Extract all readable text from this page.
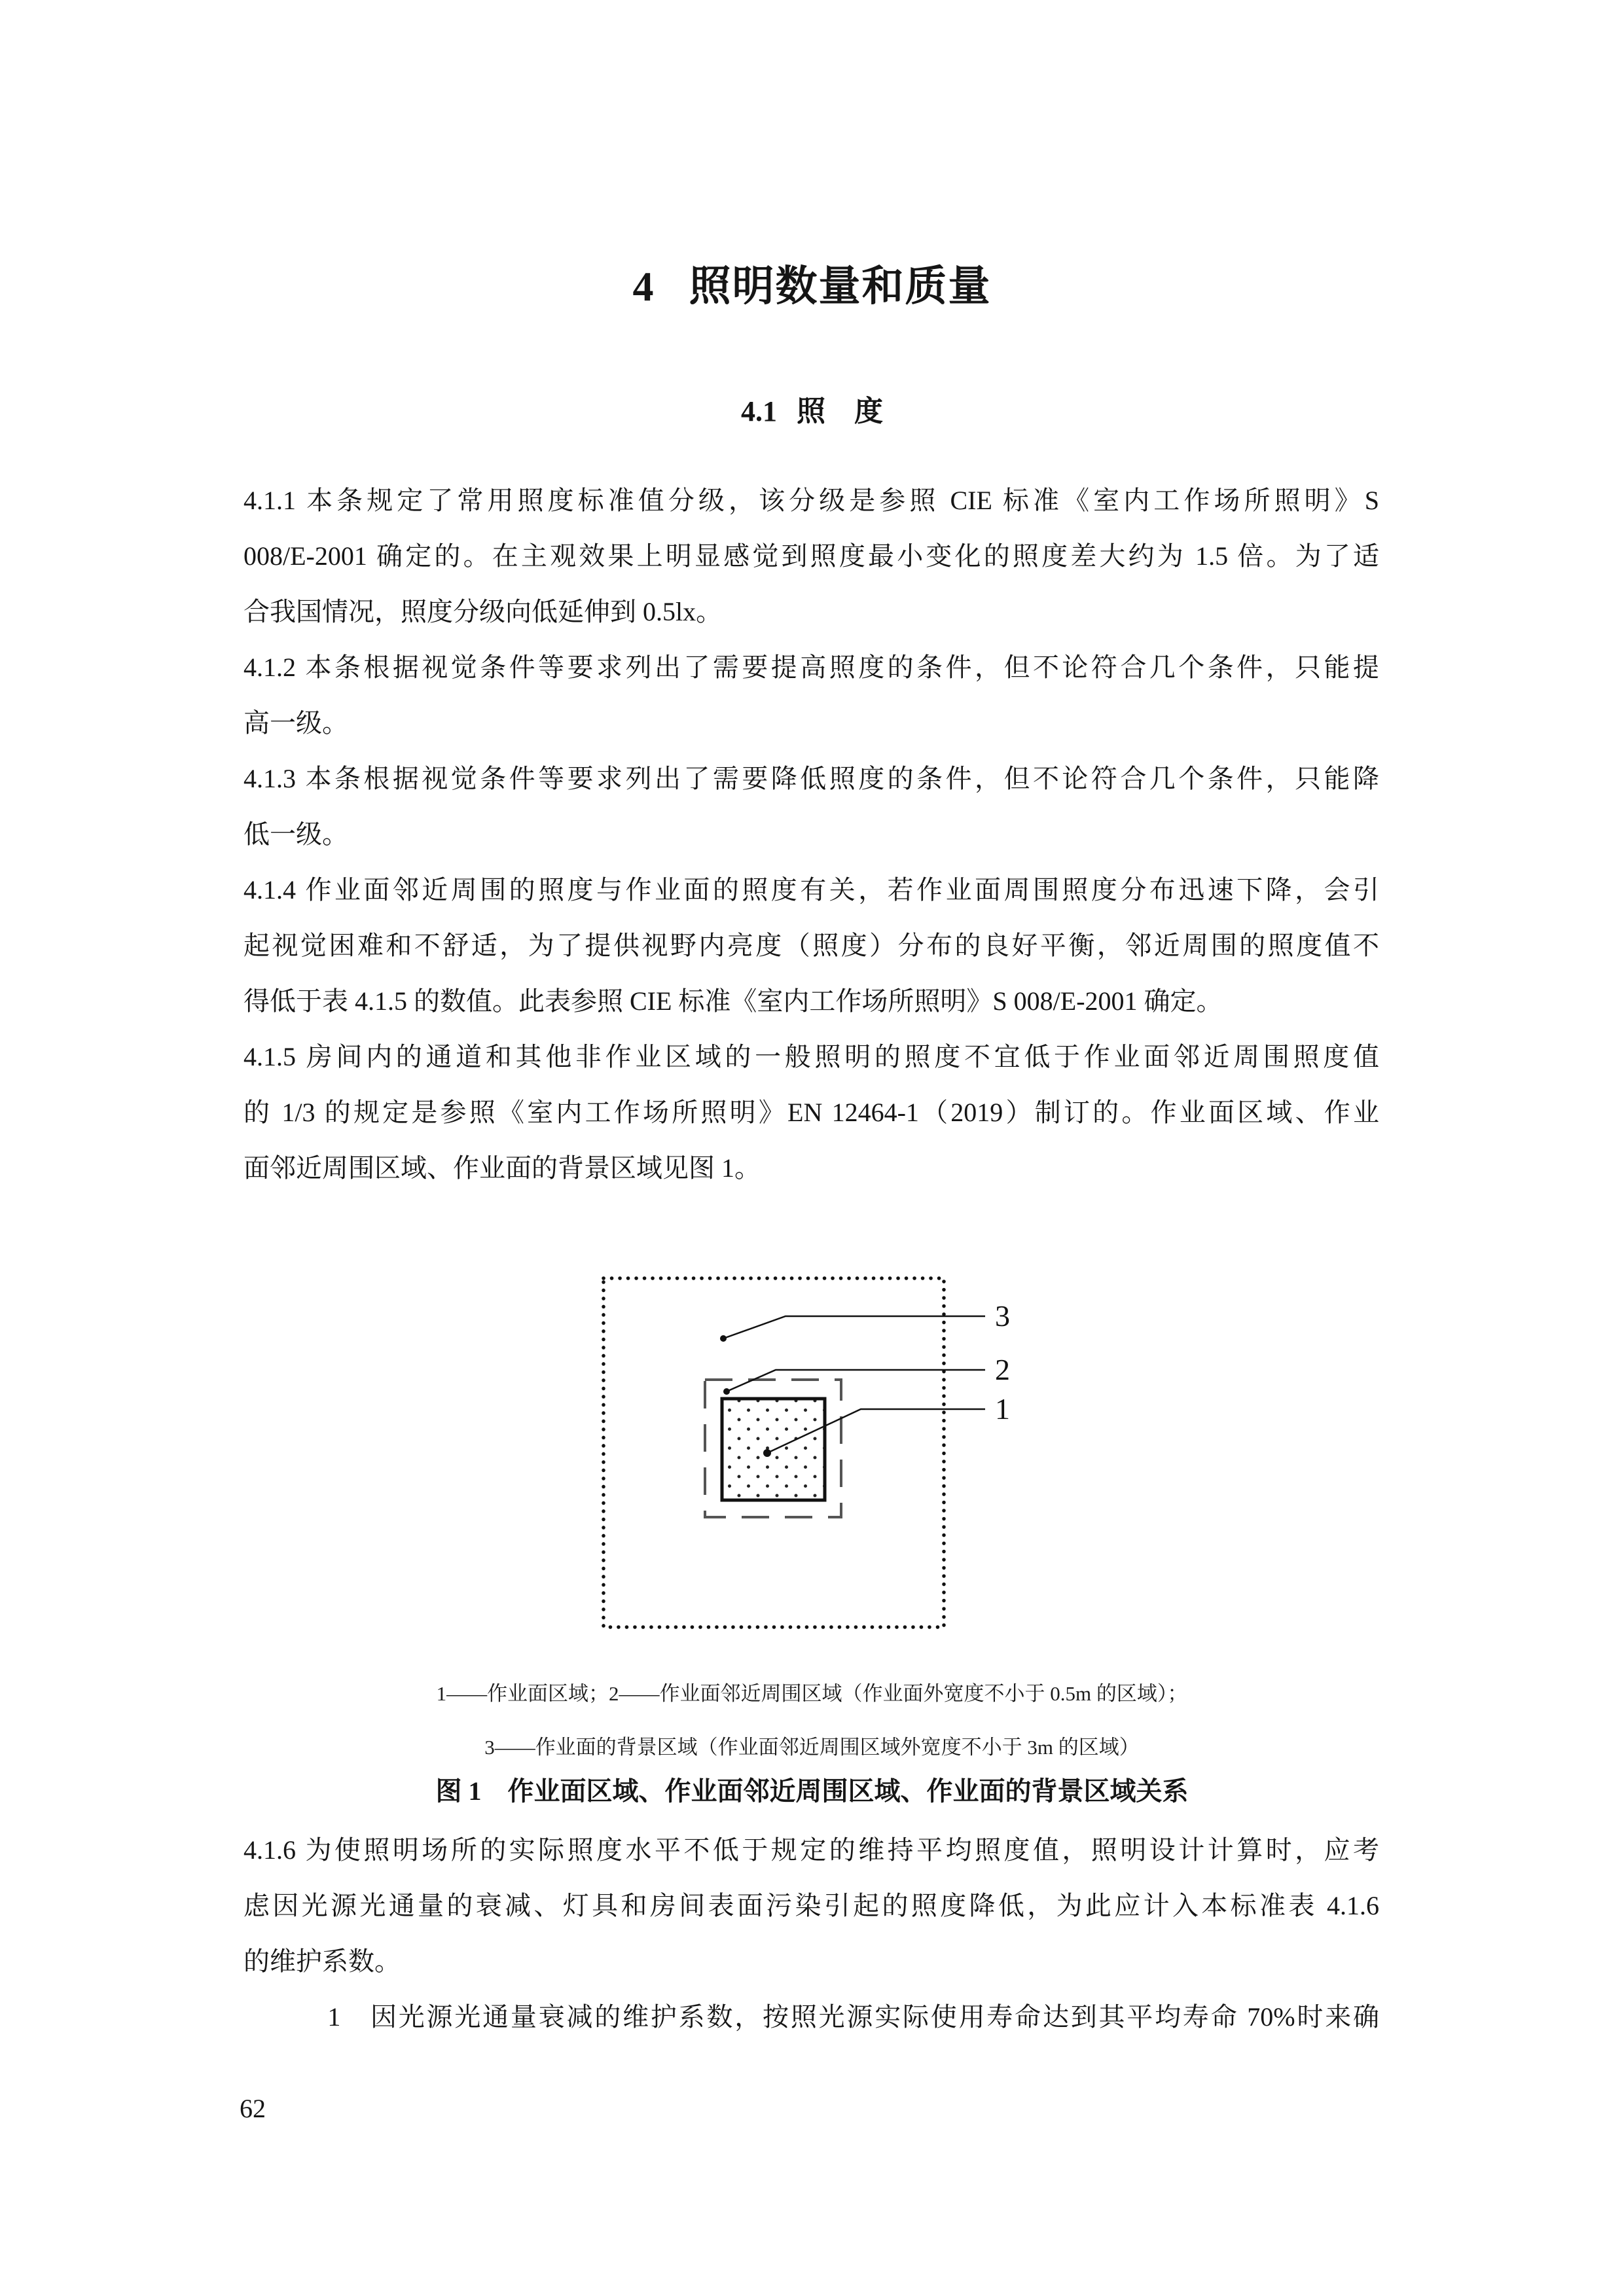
4 照明数量和质量
4.1 照　度
4.1.1 本条规定了常用照度标准值分级，该分级是参照 CIE 标准《室内工作场所照明》S
008/E-2001 确定的。在主观效果上明显感觉到照度最小变化的照度差大约为 1.5 倍。为了适
合我国情况，照度分级向低延伸到 0.5lx。
4.1.2 本条根据视觉条件等要求列出了需要提高照度的条件，但不论符合几个条件，只能提
高一级。
4.1.3 本条根据视觉条件等要求列出了需要降低照度的条件，但不论符合几个条件，只能降
低一级。
4.1.4 作业面邻近周围的照度与作业面的照度有关，若作业面周围照度分布迅速下降，会引
起视觉困难和不舒适，为了提供视野内亮度（照度）分布的良好平衡，邻近周围的照度值不
得低于表 4.1.5 的数值。此表参照 CIE 标准《室内工作场所照明》S 008/E-2001 确定。
4.1.5 房间内的通道和其他非作业区域的一般照明的照度不宜低于作业面邻近周围照度值
的 1/3 的规定是参照《室内工作场所照明》EN 12464-1（2019）制订的。作业面区域、作业
面邻近周围区域、作业面的背景区域见图 1。
3
2
1
1——作业面区域；2——作业面邻近周围区域（作业面外宽度不小于 0.5m 的区域）；
3——作业面的背景区域（作业面邻近周围区域外宽度不小于 3m 的区域）
图 1　作业面区域、作业面邻近周围区域、作业面的背景区域关系
4.1.6 为使照明场所的实际照度水平不低于规定的维持平均照度值，照明设计计算时，应考
虑因光源光通量的衰减、灯具和房间表面污染引起的照度降低，为此应计入本标准表 4.1.6
的维护系数。
　　　1　因光源光通量衰减的维护系数，按照光源实际使用寿命达到其平均寿命 70%时来确
62
